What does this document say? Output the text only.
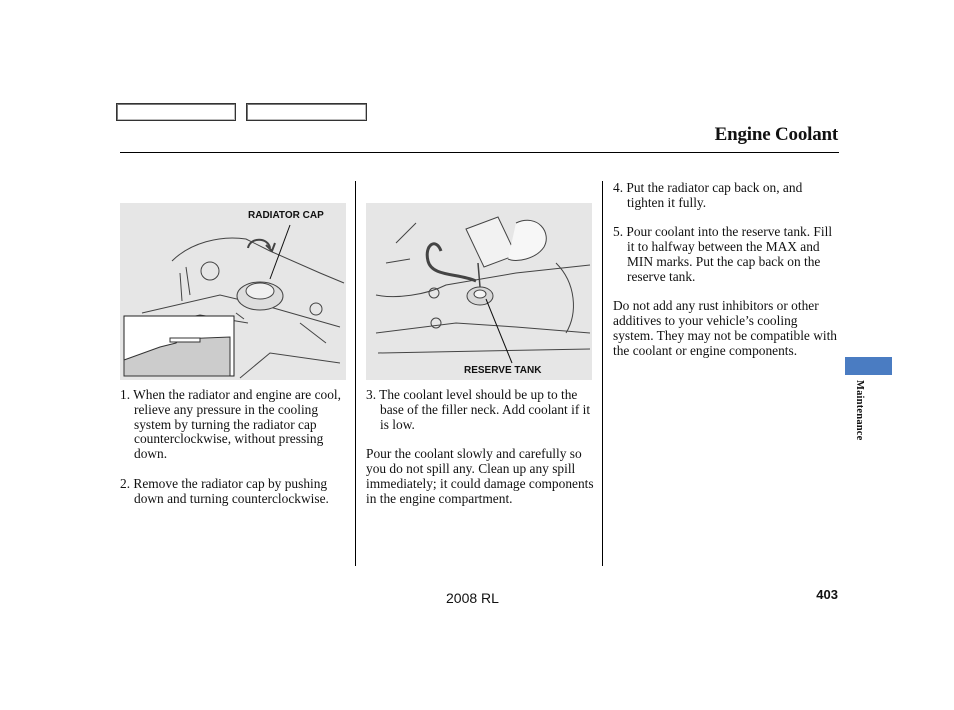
Engine Coolant
RADIATOR CAP
RESERVE TANK

1. When the radiator and engine are cool, relieve any pressure in the cooling system by turning the radiator cap counterclockwise, without pressing down.

2. Remove the radiator cap by pushing down and turning counterclockwise.

3. The coolant level should be up to the base of the filler neck. Add coolant if it is low.

Pour the coolant slowly and carefully so you do not spill any. Clean up any spill immediately; it could damage components in the engine compartment.

4. Put the radiator cap back on, and tighten it fully.

5. Pour coolant into the reserve tank. Fill it to halfway between the MAX and MIN marks. Put the cap back on the reserve tank.

Do not add any rust inhibitors or other additives to your vehicle’s cooling system. They may not be compatible with the coolant or engine components.

Maintenance
2008 RL	403
